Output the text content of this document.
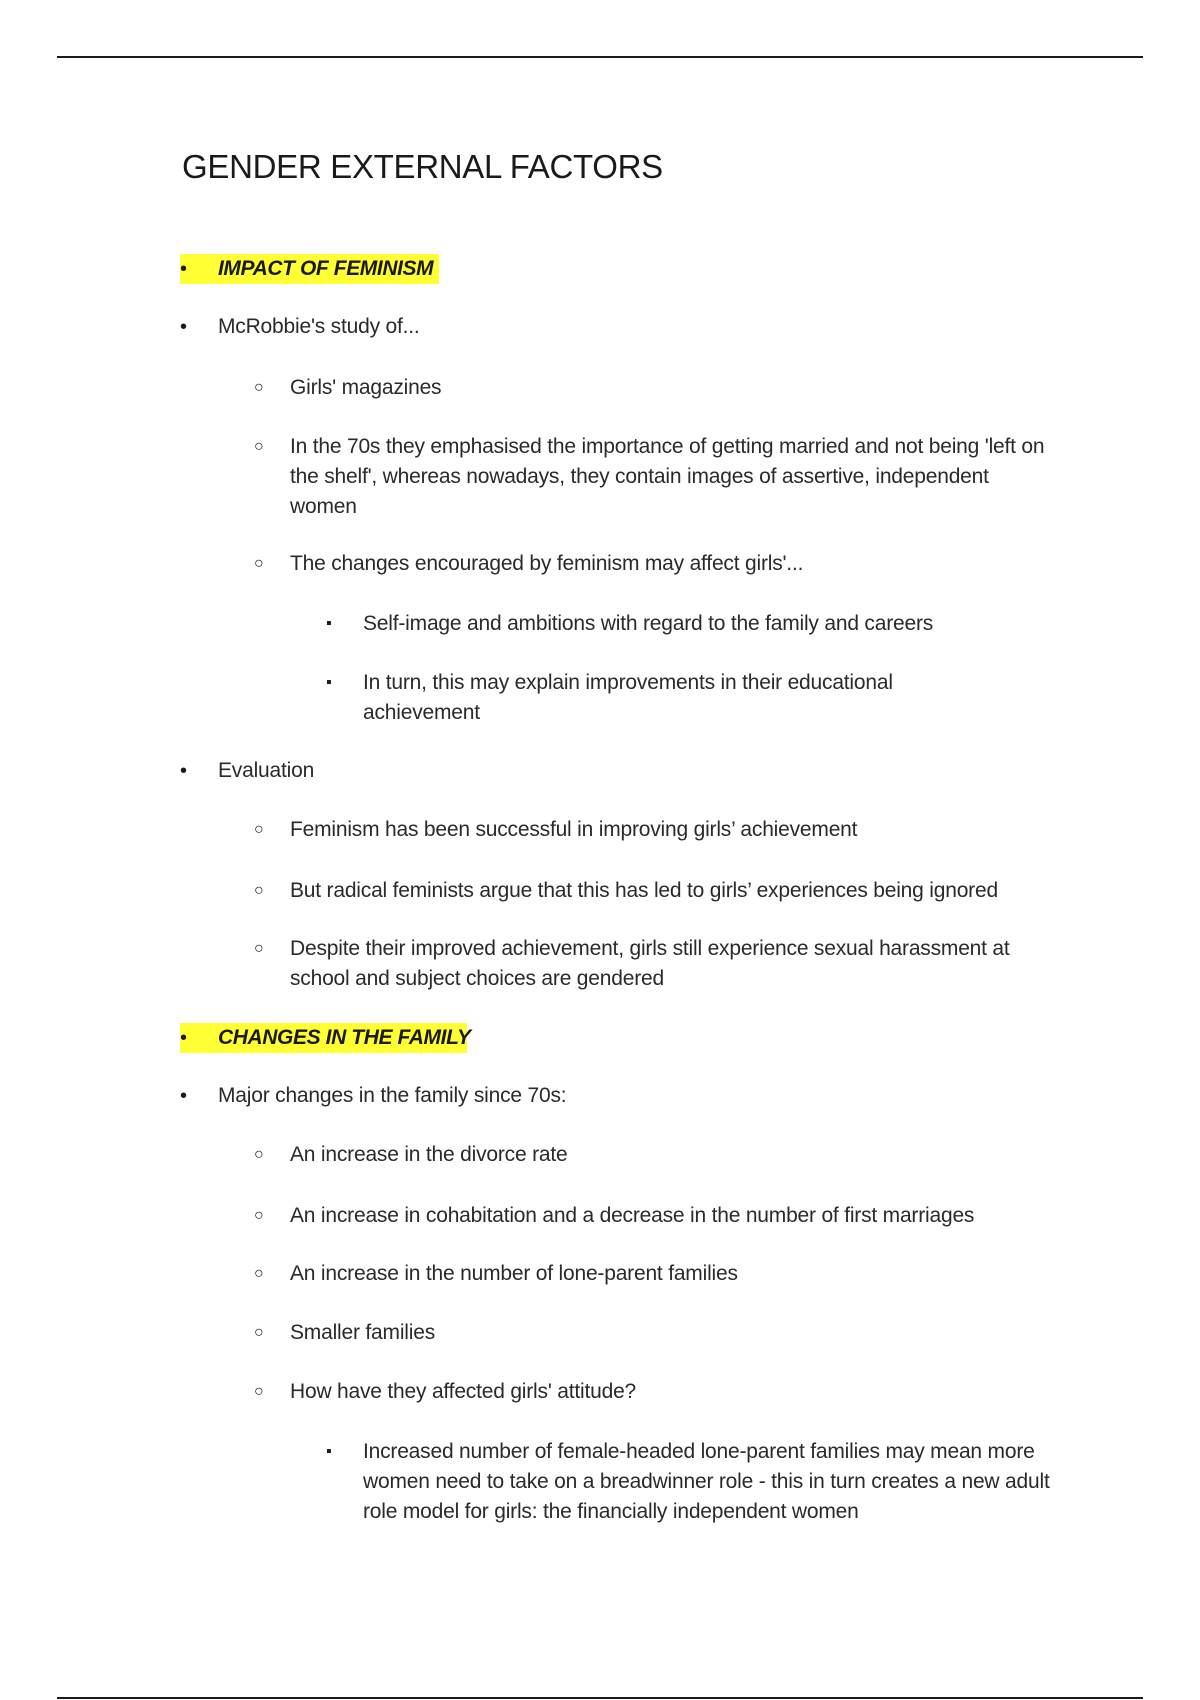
GENDER EXTERNAL FACTORS
• IMPACT OF FEMINISM
• McRobbie's study of...
○ Girls' magazines
○ In the 70s they emphasised the importance of getting married and not being 'left on the shelf', whereas nowadays, they contain images of assertive, independent women
○ The changes encouraged by feminism may affect girls'...
▪ Self-image and ambitions with regard to the family and careers
▪ In turn, this may explain improvements in their educational achievement
• Evaluation
○ Feminism has been successful in improving girls’ achievement
○ But radical feminists argue that this has led to girls’ experiences being ignored
○ Despite their improved achievement, girls still experience sexual harassment at school and subject choices are gendered
• CHANGES IN THE FAMILY
• Major changes in the family since 70s:
○ An increase in the divorce rate
○ An increase in cohabitation and a decrease in the number of first marriages
○ An increase in the number of lone-parent families
○ Smaller families
○ How have they affected girls' attitude?
▪ Increased number of female-headed lone-parent families may mean more women need to take on a breadwinner role - this in turn creates a new adult role model for girls: the financially independent women
